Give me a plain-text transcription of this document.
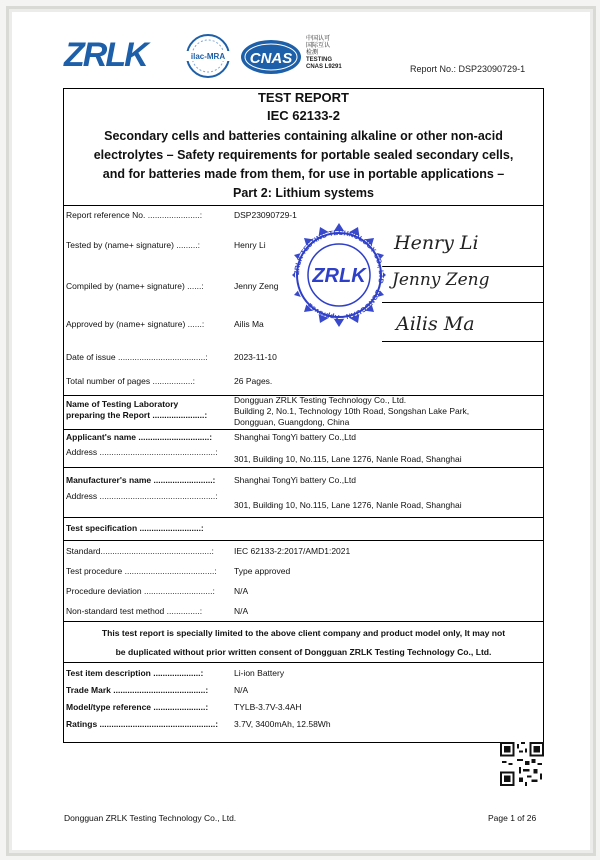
ZRLK	ilac-MRA CNAS
中国认可
国际互认
检测
TESTING
CNAS L9291	Report No.: DSP23090729-1
TEST REPORT
IEC 62133-2
Secondary cells and batteries containing alkaline or other non-acid
electrolytes – Safety requirements for portable sealed secondary cells,
and for batteries made from them, for use in portable applications –
Part 2: Lithium systems
Report reference No. ......................:	DSP23090729-1
Tested by (name+ signature) .........:	Henry Li
Compiled by (name+ signature) ......:	Jenny Zeng
Approved by (name+ signature) ......:	Ailis Ma
Date of issue .....................................:	2023-11-10
Total number of pages .................:	26 Pages.
Henry Li
Jenny Zeng
Ailis Ma
ZRLK TESTING TECHNOLOGY CO., LTD · DONGGUAN · Approved
ZRLK
Name of Testing Laboratory
preparing the Report ......................:
Dongguan ZRLK Testing Technology Co., Ltd.
Building 2, No.1, Technology 10th Road, Songshan Lake Park,
Dongguan, Guangdong, China
Applicant's name ..............................:	Shanghai TongYi battery Co.,Ltd
Address .................................................:
301, Building 10, No.115, Lane 1276, Nanle Road, Shanghai
Manufacturer's name .........................: Shanghai TongYi battery Co.,Ltd
Address .................................................:
301, Building 10, No.115, Lane 1276, Nanle Road, Shanghai
Test specification ..........................:
Standard...............................................: IEC 62133-2:2017/AMD1:2021
Test procedure ......................................: Type approved
Procedure deviation .............................: N/A
Non-standard test method ..............:	N/A
This test report is specially limited to the above client company and product model only, It may not
be duplicated without prior written consent of Dongguan ZRLK Testing Technology Co., Ltd.
Test item description ....................:	Li-ion Battery
Trade Mark .......................................:	N/A
Model/type reference ......................:	TYLB-3.7V-3.4AH
Ratings .................................................: 3.7V, 3400mAh, 12.58Wh
Dongguan ZRLK Testing Technology Co., Ltd.	Page 1 of 26
